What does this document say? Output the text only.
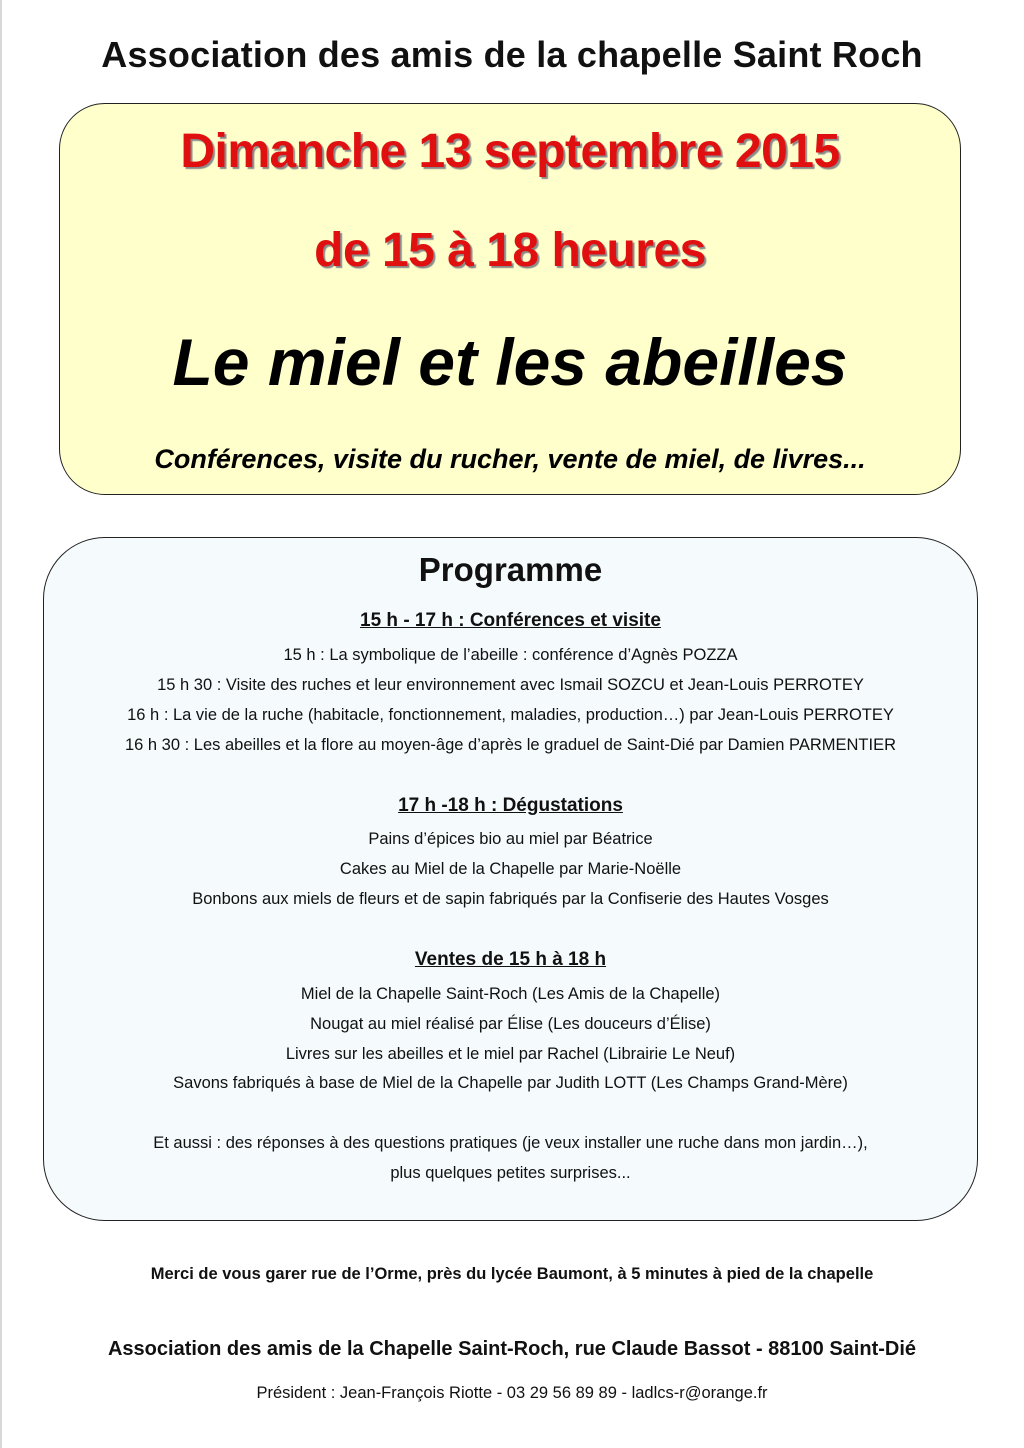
Association des amis de la chapelle Saint Roch
Dimanche 13 septembre 2015
de 15 à 18 heures
Le miel et les abeilles
Conférences, visite du rucher, vente de miel, de livres...
Programme
15 h - 17 h : Conférences et visite
15 h : La symbolique de l’abeille : conférence d’Agnès POZZA
15 h 30 : Visite des ruches et leur environnement avec Ismail SOZCU et Jean-Louis PERROTEY
16 h : La vie de la ruche (habitacle, fonctionnement, maladies, production…) par Jean-Louis PERROTEY
16 h 30 : Les abeilles et la flore au moyen-âge d’après le graduel de Saint-Dié par Damien PARMENTIER
17 h -18 h : Dégustations
Pains d’épices bio au miel par Béatrice
Cakes au Miel de la Chapelle par Marie-Noëlle
Bonbons aux miels de fleurs et de sapin fabriqués par la Confiserie des Hautes Vosges
Ventes de 15 h à 18 h
Miel de la Chapelle Saint-Roch (Les Amis de la Chapelle)
Nougat au miel réalisé par Élise (Les douceurs d’Élise)
Livres sur les abeilles et le miel par Rachel (Librairie Le Neuf)
Savons fabriqués à base de Miel de la Chapelle par Judith LOTT (Les Champs Grand-Mère)
Et aussi : des réponses à des questions pratiques (je veux installer une ruche dans mon jardin…),
plus quelques petites surprises...
Merci de vous garer rue de l’Orme, près du lycée Baumont, à 5 minutes à pied de la chapelle
Association des amis de la Chapelle Saint-Roch, rue Claude Bassot - 88100 Saint-Dié
Président : Jean-François Riotte - 03 29 56 89 89 - ladlcs-r@orange.fr
